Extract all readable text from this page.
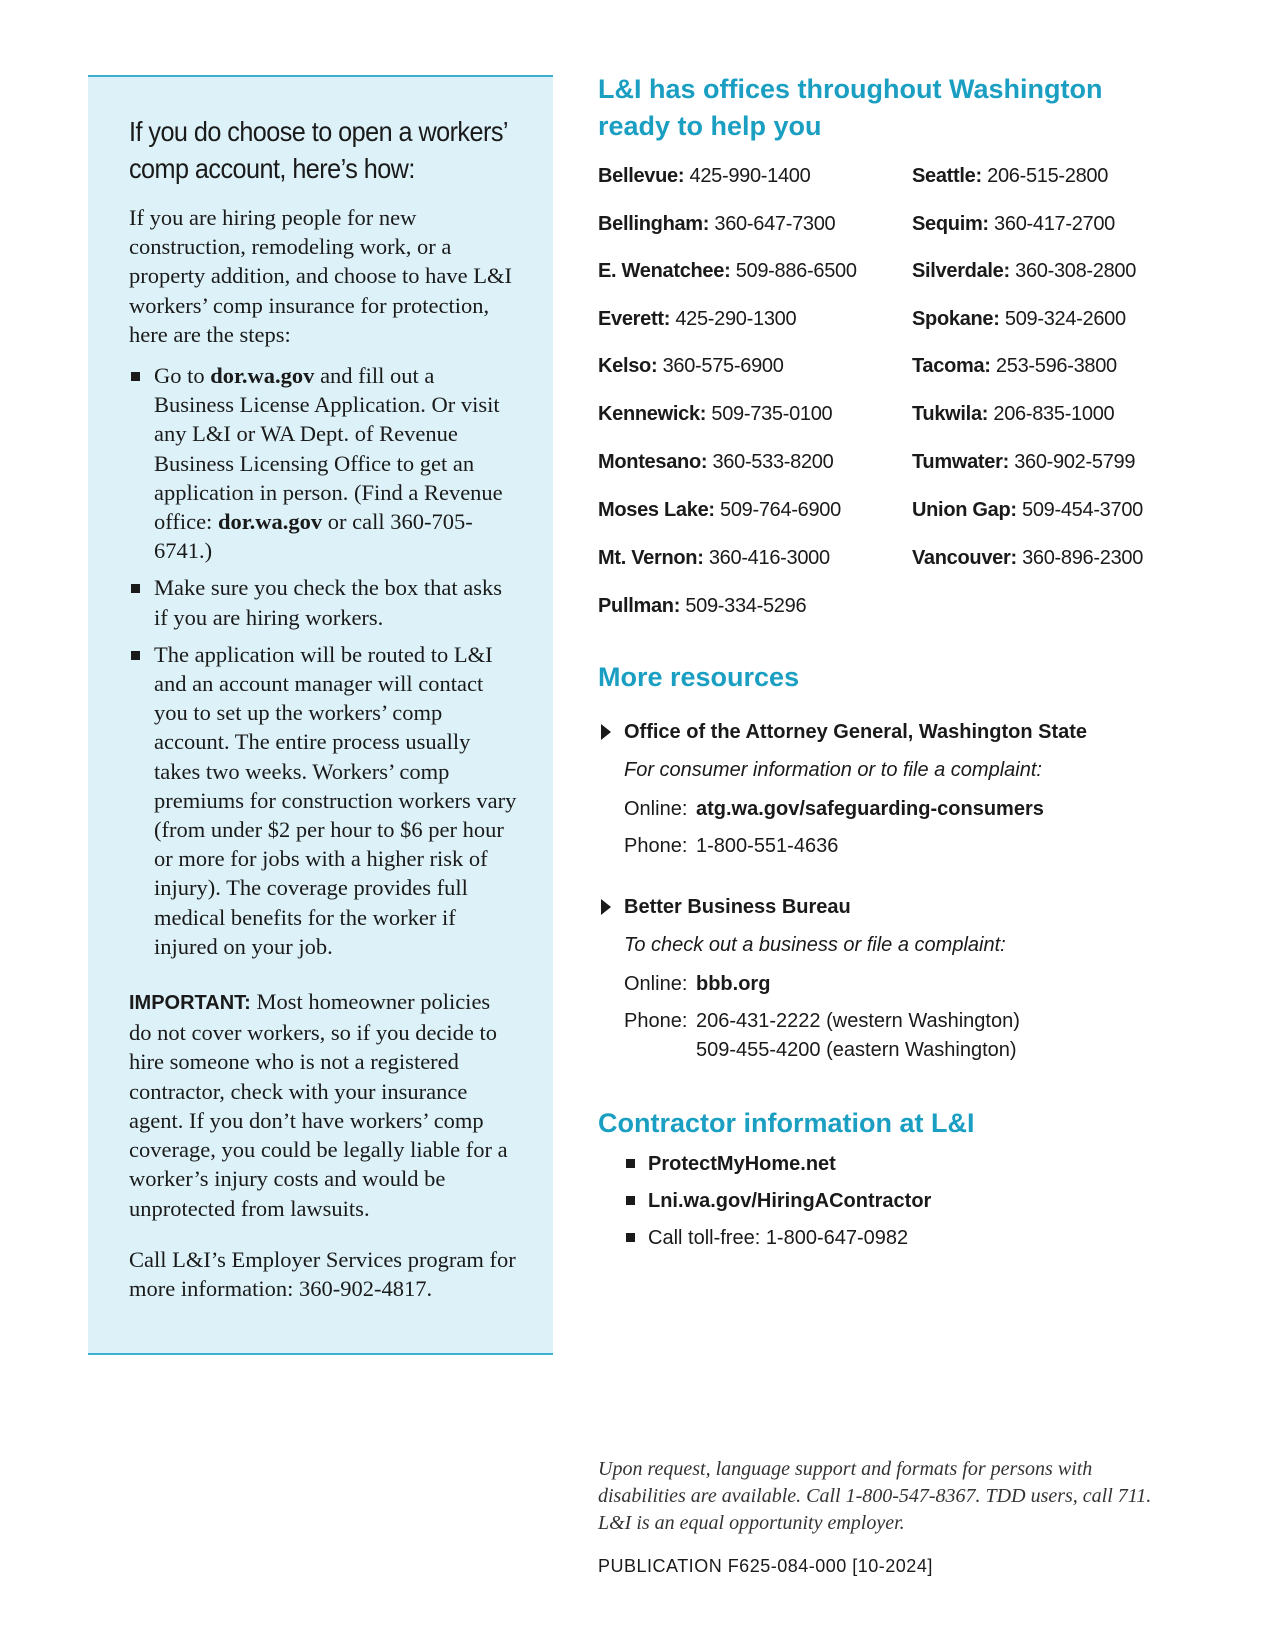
If you do choose to open a workers’ comp account, here’s how:

If you are hiring people for new construction, remodeling work, or a property addition, and choose to have L&I workers’ comp insurance for protection, here are the steps:

Go to dor.wa.gov and fill out a Business License Application. Or visit any L&I or WA Dept. of Revenue Business Licensing Office to get an application in person. (Find a Revenue office: dor.wa.gov or call 360-705-6741.)
Make sure you check the box that asks if you are hiring workers.
The application will be routed to L&I and an account manager will contact you to set up the workers’ comp account. The entire process usually takes two weeks. Workers’ comp premiums for construction workers vary (from under $2 per hour to $6 per hour or more for jobs with a higher risk of injury). The coverage provides full medical benefits for the worker if injured on your job.

IMPORTANT: Most homeowner policies do not cover workers, so if you decide to hire someone who is not a registered contractor, check with your insurance agent. If you don’t have workers’ comp coverage, you could be legally liable for a worker’s injury costs and would be unprotected from lawsuits.

Call L&I’s Employer Services program for more information: 360-902-4817.

L&I has offices throughout Washington
ready to help you
Bellevue: 425-990-1400
Bellingham: 360-647-7300
E. Wenatchee: 509-886-6500
Everett: 425-290-1300
Kelso: 360-575-6900
Kennewick: 509-735-0100
Montesano: 360-533-8200
Moses Lake: 509-764-6900
Mt. Vernon: 360-416-3000
Pullman: 509-334-5296
Seattle: 206-515-2800
Sequim: 360-417-2700
Silverdale: 360-308-2800
Spokane: 509-324-2600
Tacoma: 253-596-3800
Tukwila: 206-835-1000
Tumwater: 360-902-5799
Union Gap: 509-454-3700
Vancouver: 360-896-2300
More resources
Office of the Attorney General, Washington State
For consumer information or to file a complaint:
Online: atg.wa.gov/safeguarding-consumers
Phone: 1-800-551-4636
Better Business Bureau
To check out a business or file a complaint:
Online: bbb.org
Phone: 206-431-2222 (western Washington)
509-455-4200 (eastern Washington)
Contractor information at L&I
ProtectMyHome.net
Lni.wa.gov/HiringAContractor
Call toll-free: 1-800-647-0982
Upon request, language support and formats for persons with disabilities are available. Call 1-800-547-8367. TDD users, call 711. L&I is an equal opportunity employer.
PUBLICATION F625-084-000 [10-2024]
